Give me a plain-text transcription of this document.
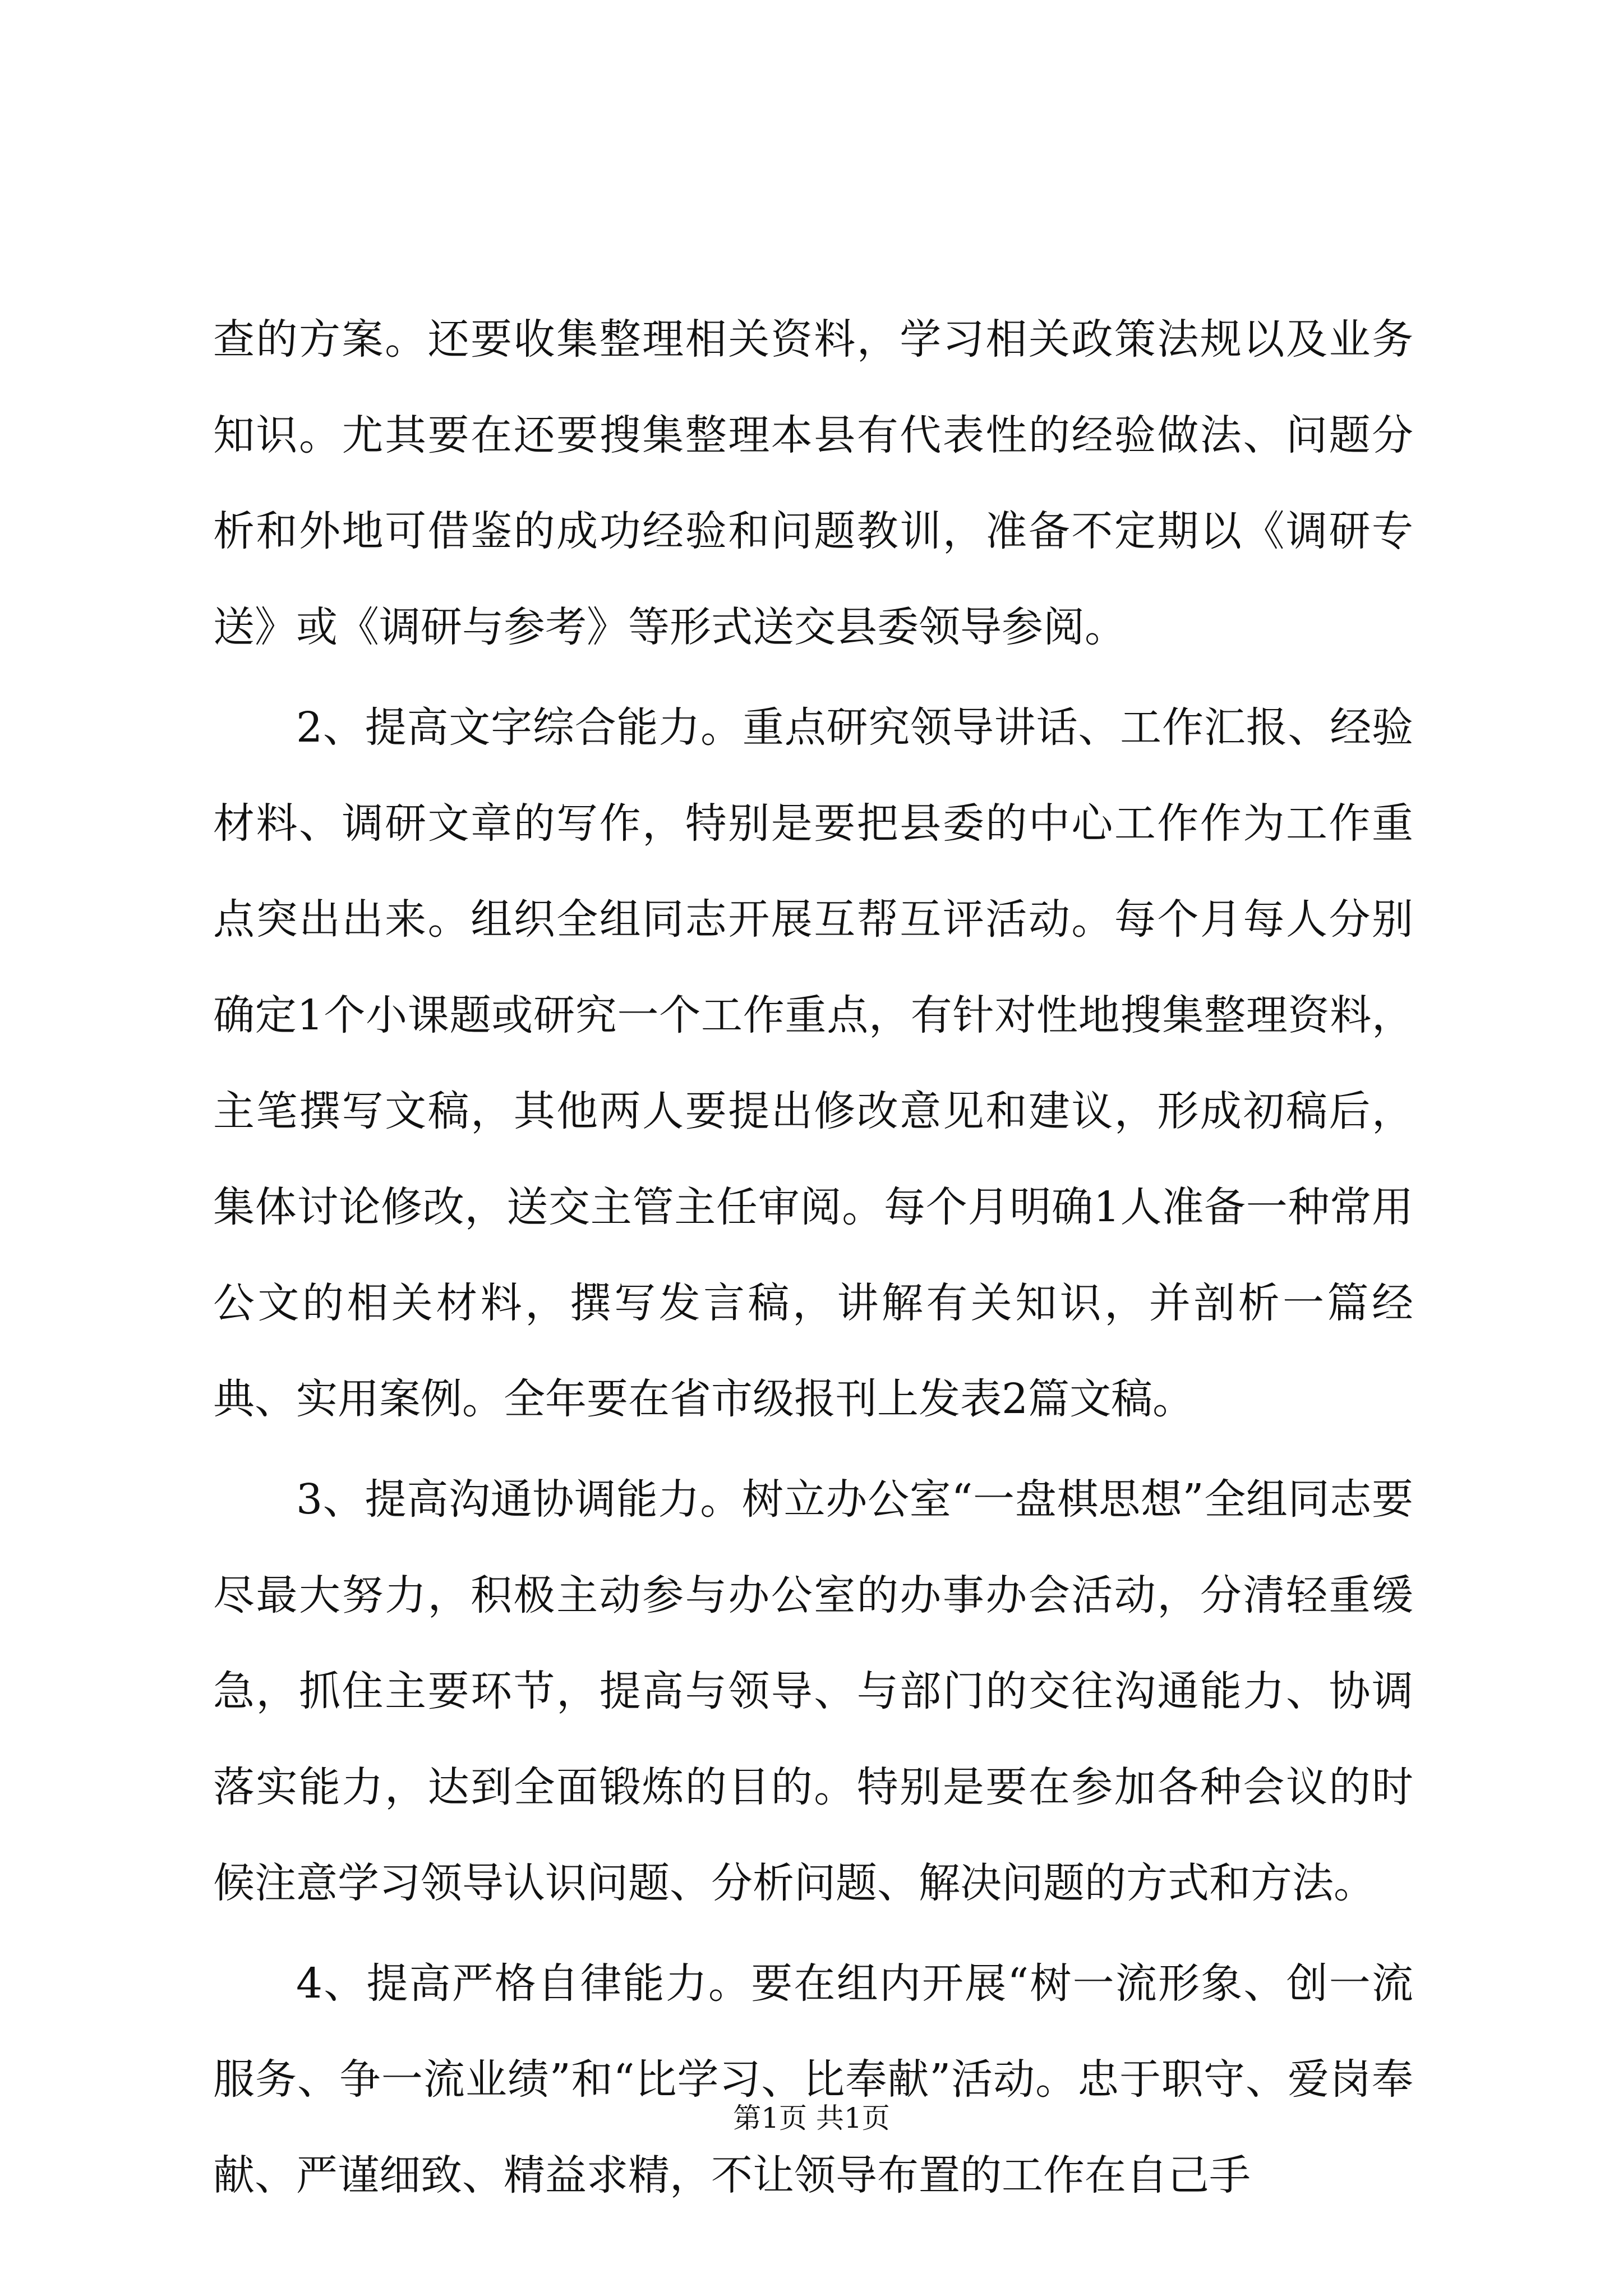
查的方案。还要收集整理相关资料，学习相关政策法规以及业务知识。尤其要在还要搜集整理本县有代表性的经验做法、问题分析和外地可借鉴的成功经验和问题教训，准备不定期以《调研专送》或《调研与参考》等形式送交县委领导参阅。

2、提高文字综合能力。重点研究领导讲话、工作汇报、经验材料、调研文章的写作，特别是要把县委的中心工作作为工作重点突出出来。组织全组同志开展互帮互评活动。每个月每人分别确定1个小课题或研究一个工作重点，有针对性地搜集整理资料，主笔撰写文稿，其他两人要提出修改意见和建议，形成初稿后，集体讨论修改，送交主管主任审阅。每个月明确1人准备一种常用公文的相关材料，撰写发言稿，讲解有关知识，并剖析一篇经典、实用案例。全年要在省市级报刊上发表2篇文稿。

3、提高沟通协调能力。树立办公室“一盘棋思想”全组同志要尽最大努力，积极主动参与办公室的办事办会活动，分清轻重缓急，抓住主要环节，提高与领导、与部门的交往沟通能力、协调落实能力，达到全面锻炼的目的。特别是要在参加各种会议的时候注意学习领导认识问题、分析问题、解决问题的方式和方法。

4、提高严格自律能力。要在组内开展“树一流形象、创一流服务、争一流业绩”和“比学习、比奉献”活动。忠于职守、爱岗奉献、严谨细致、精益求精，不让领导布置的工作在自己手

第1页 共1页
